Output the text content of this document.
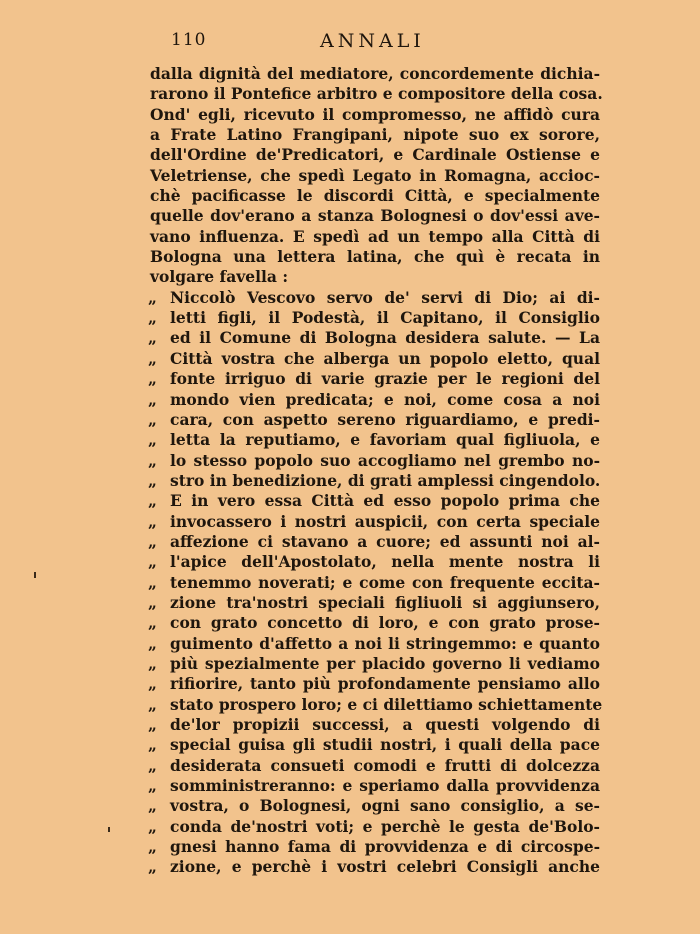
110	ANNALI
dalla dignità del mediatore, concordemente dichia-
rarono il Pontefice arbitro e compositore della cosa.
Ond' egli, ricevuto il compromesso, ne affidò cura
a Frate Latino Frangipani, nipote suo ex sorore,
dell'Ordine de'Predicatori, e Cardinale Ostiense e
Veletriense, che spedì Legato in Romagna, accioc-
chè pacificasse le discordi Città, e specialmente
quelle dov'erano a stanza Bolognesi o dov'essi ave-
vano influenza. E spedì ad un tempo alla Città di
Bologna una lettera latina, che quì è recata in
volgare favella :
„ Niccolò Vescovo servo de' servi di Dio; ai di-
„ letti figli, il Podestà, il Capitano, il Consiglio
„ ed il Comune di Bologna desidera salute. — La
„ Città vostra che alberga un popolo eletto, qual
„ fonte irriguo di varie grazie per le regioni del
„ mondo vien predicata; e noi, come cosa a noi
„ cara, con aspetto sereno riguardiamo, e predi-
„ letta la reputiamo, e favoriam qual figliuola, e
„ lo stesso popolo suo accogliamo nel grembo no-
„ stro in benedizione, di grati amplessi cingendolo.
„ E in vero essa Città ed esso popolo prima che
„ invocassero i nostri auspicii, con certa speciale
„ affezione ci stavano a cuore; ed assunti noi al-
„ l'apice dell'Apostolato, nella mente nostra li
„ tenemmo noverati; e come con frequente eccita-
„ zione tra'nostri speciali figliuoli si aggiunsero,
„ con grato concetto di loro, e con grato prose-
„ guimento d'affetto a noi li stringemmo: e quanto
„ più spezialmente per placido governo li vediamo
„ rifiorire, tanto più profondamente pensiamo allo
„ stato prospero loro; e ci dilettiamo schiettamente
„ de'lor propizii successi, a questi volgendo di
„ special guisa gli studii nostri, i quali della pace
„ desiderata consueti comodi e frutti di dolcezza
„ somministreranno: e speriamo dalla provvidenza
„ vostra, o Bolognesi, ogni sano consiglio, a se-
„ conda de'nostri voti; e perchè le gesta de'Bolo-
„ gnesi hanno fama di provvidenza e di circospe-
„ zione, e perchè i vostri celebri Consigli anche
